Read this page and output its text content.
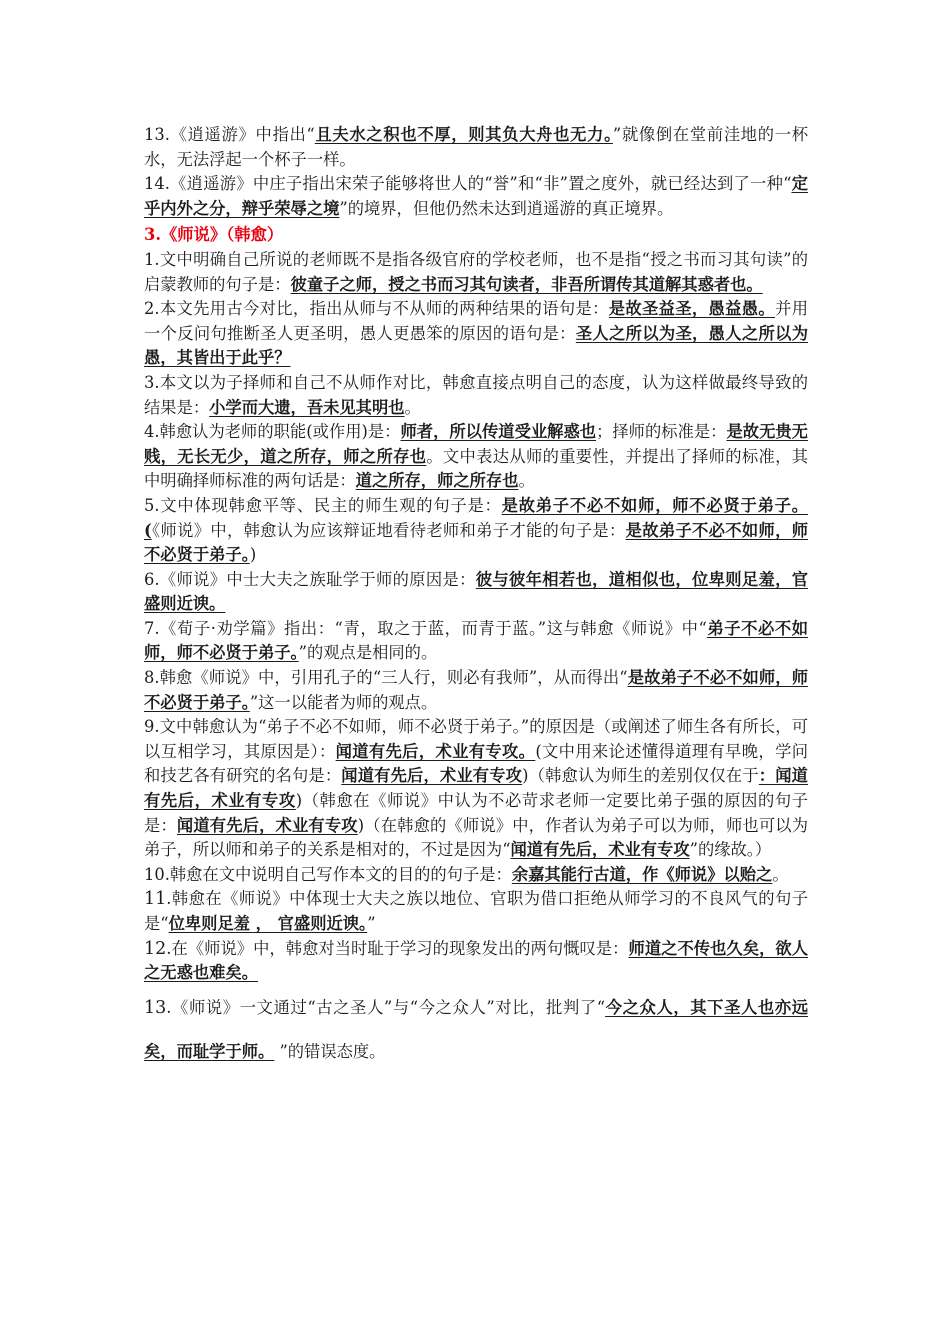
13.《逍遥游》中指出“且夫水之积也不厚，则其负大舟也无力。”就像倒在堂前洼地的一杯水，无法浮起一个杯子一样。

14.《逍遥游》中庄子指出宋荣子能够将世人的“誉”和“非”置之度外，就已经达到了一种“定乎内外之分，辩乎荣辱之境”的境界，但他仍然未达到逍遥游的真正境界。

3.《师说》（韩愈）

1.文中明确自己所说的老师既不是指各级官府的学校老师，也不是指“授之书而习其句读”的启蒙教师的句子是：彼童子之师，授之书而习其句读者，非吾所谓传其道解其惑者也。

2.本文先用古今对比，指出从师与不从师的两种结果的语句是：是故圣益圣，愚益愚。并用一个反问句推断圣人更圣明，愚人更愚笨的原因的语句是：圣人之所以为圣，愚人之所以为愚，其皆出于此乎？

3.本文以为子择师和自己不从师作对比，韩愈直接点明自己的态度，认为这样做最终导致的结果是：小学而大遗，吾未见其明也。

4.韩愈认为老师的职能(或作用)是：师者，所以传道受业解惑也；择师的标准是：是故无贵无贱，无长无少，道之所存，师之所存也。文中表达从师的重要性，并提出了择师的标准，其中明确择师标准的两句话是：道之所存，师之所存也。

5.文中体现韩愈平等、民主的师生观的句子是：是故弟子不必不如师，师不必贤于弟子。(《师说》中，韩愈认为应该辩证地看待老师和弟子才能的句子是：是故弟子不必不如师，师不必贤于弟子。)

6.《师说》中士大夫之族耻学于师的原因是：彼与彼年相若也，道相似也，位卑则足羞，官盛则近谀。

7.《荀子·劝学篇》指出：“青，取之于蓝，而青于蓝。”这与韩愈《师说》中“弟子不必不如师，师不必贤于弟子。”的观点是相同的。

8.韩愈《师说》中，引用孔子的“三人行，则必有我师”，从而得出“是故弟子不必不如师，师不必贤于弟子。”这一以能者为师的观点。

9.文中韩愈认为“弟子不必不如师，师不必贤于弟子。”的原因是（或阐述了师生各有所长，可以互相学习，其原因是）：闻道有先后，术业有专攻。(文中用来论述懂得道理有早晚，学问和技艺各有研究的名句是：闻道有先后，术业有专攻)（韩愈认为师生的差别仅仅在于：闻道有先后，术业有专攻)（韩愈在《师说》中认为不必苛求老师一定要比弟子强的原因的句子是：闻道有先后，术业有专攻)（在韩愈的《师说》中，作者认为弟子可以为师，师也可以为弟子，所以师和弟子的关系是相对的，不过是因为“闻道有先后，术业有专攻”的缘故。）

10.韩愈在文中说明自己写作本文的目的的句子是：余嘉其能行古道，作《师说》以贻之。

11.韩愈在《师说》中体现士大夫之族以地位、官职为借口拒绝从师学习的不良风气的句子是“位卑则足羞 ， 官盛则近谀。”

12.在《师说》中，韩愈对当时耻于学习的现象发出的两句慨叹是：师道之不传也久矣，欲人之无惑也难矣。

13.《师说》一文通过“古之圣人”与“今之众人”对比，批判了“今之众人，其下圣人也亦远矣，而耻学于师。 ”的错误态度。
